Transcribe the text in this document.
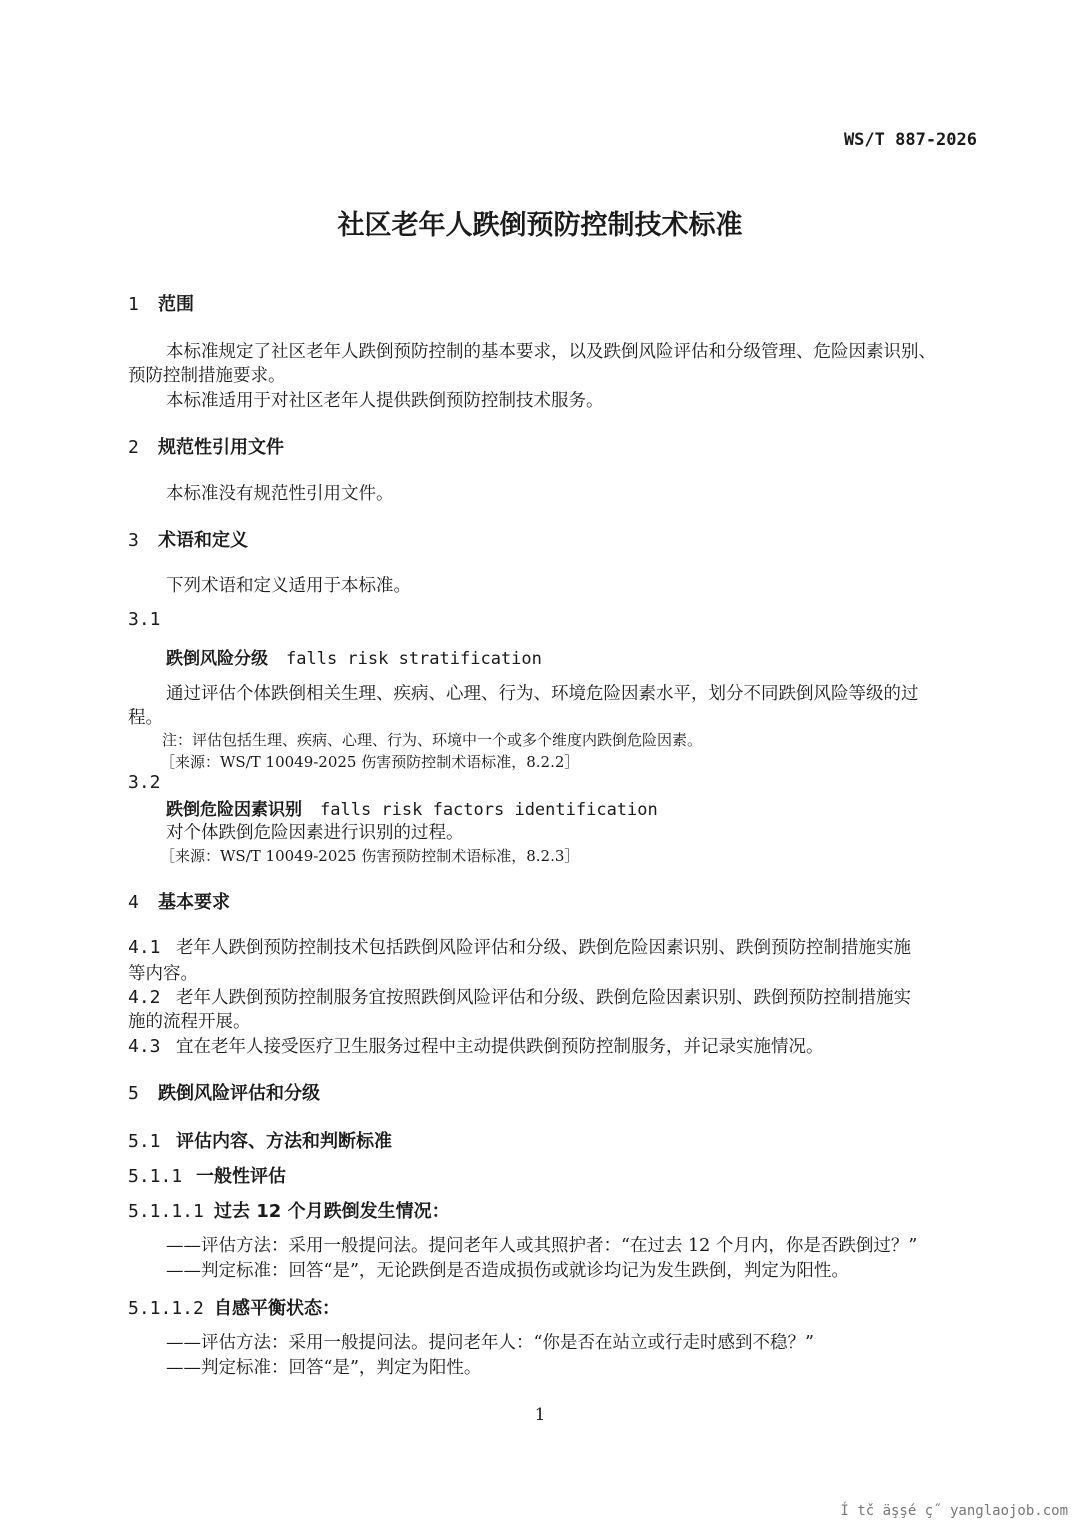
WS/T 887-2026
社区老年人跌倒预防控制技术标准
1 范围
本标准规定了社区老年人跌倒预防控制的基本要求，以及跌倒风险评估和分级管理、危险因素识别、
预防控制措施要求。
本标准适用于对社区老年人提供跌倒预防控制技术服务。
2 规范性引用文件
本标准没有规范性引用文件。
3 术语和定义
下列术语和定义适用于本标准。
3.1
跌倒风险分级 falls risk stratification
通过评估个体跌倒相关生理、疾病、心理、行为、环境危险因素水平，划分不同跌倒风险等级的过
程。
注：评估包括生理、疾病、心理、行为、环境中一个或多个维度内跌倒危险因素。
［来源：WS/T 10049-2025 伤害预防控制术语标准，8.2.2］
3.2
跌倒危险因素识别 falls risk factors identification
对个体跌倒危险因素进行识别的过程。
［来源：WS/T 10049-2025 伤害预防控制术语标准，8.2.3］
4 基本要求
4.1 老年人跌倒预防控制技术包括跌倒风险评估和分级、跌倒危险因素识别、跌倒预防控制措施实施
等内容。
4.2 老年人跌倒预防控制服务宜按照跌倒风险评估和分级、跌倒危险因素识别、跌倒预防控制措施实
施的流程开展。
4.3 宜在老年人接受医疗卫生服务过程中主动提供跌倒预防控制服务，并记录实施情况。
5 跌倒风险评估和分级
5.1 评估内容、方法和判断标准
5.1.1 一般性评估
5.1.1.1 过去 12 个月跌倒发生情况：
——评估方法：采用一般提问法。提问老年人或其照护者：“在过去 12 个月内，你是否跌倒过？”
——判定标准：回答“是”，无论跌倒是否造成损伤或就诊均记为发生跌倒，判定为阳性。
5.1.1.2 自感平衡状态：
——评估方法：采用一般提问法。提问老年人：“你是否在站立或行走时感到不稳？”
——判定标准：回答“是”，判定为阳性。
1
Í tč äşşé ç˝ yanglaojob.com
